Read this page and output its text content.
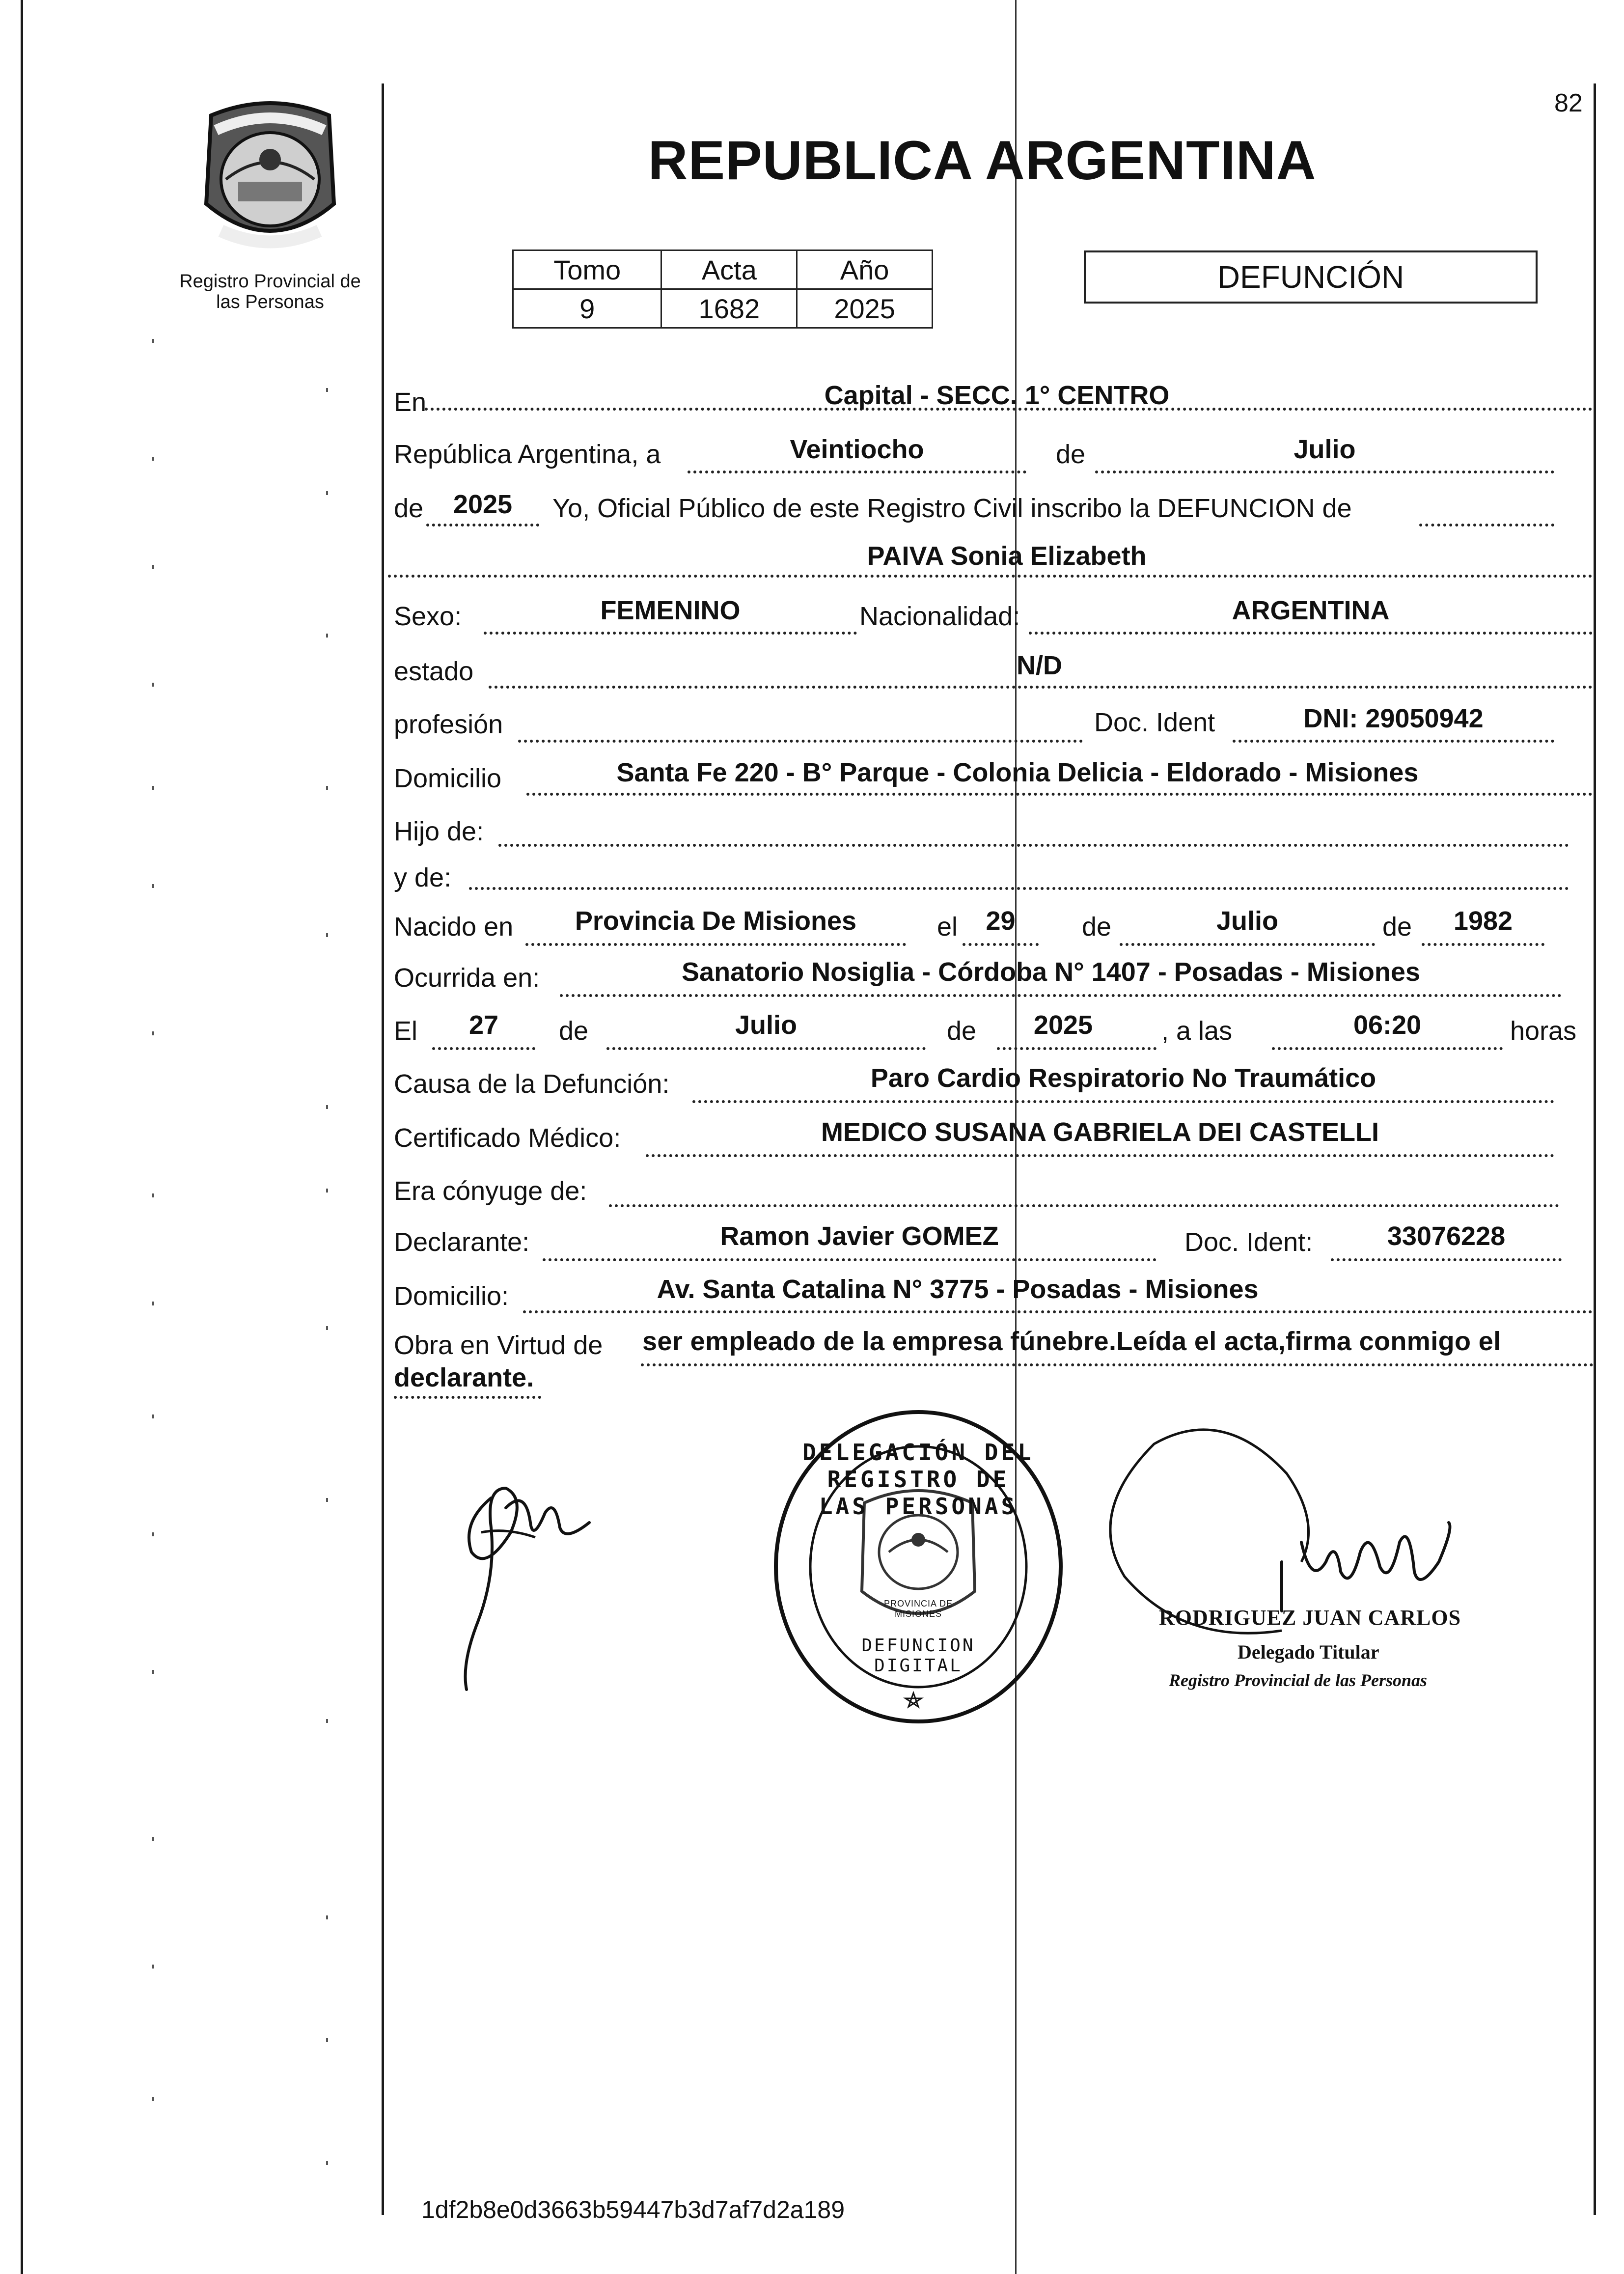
82
Registro Provincial de
las Personas
REPUBLICA ARGENTINA
Tomo	Acta	Año
9	1682	2025
DEFUNCIÓN
En	Capital - SECC. 1° CENTRO
República Argentina, a	Veintiocho	de	Julio
de	2025	Yo, Oficial Público de este Registro Civil inscribo la DEFUNCION de
PAIVA Sonia Elizabeth
Sexo:	FEMENINO	Nacionalidad:	ARGENTINA
estado	N/D
profesión	Doc. Ident	DNI: 29050942
Domicilio	Santa Fe 220 - B° Parque - Colonia Delicia - Eldorado - Misiones
Hijo de:
y de:
Nacido en	Provincia De Misiones	el	29	de	Julio	de	1982
Ocurrida en:	Sanatorio Nosiglia - Córdoba N° 1407 - Posadas - Misiones
El	27	de	Julio	de	2025	, a las	06:20	horas
Causa de la Defunción:	Paro Cardio Respiratorio No Traumático
Certificado Médico:	MEDICO SUSANA GABRIELA DEI CASTELLI
Era cónyuge de:
Declarante:	Ramon Javier GOMEZ	Doc. Ident:	33076228
Domicilio:	Av. Santa Catalina N° 3775 - Posadas - Misiones
Obra en Virtud de ser empleado de la empresa fúnebre.Leída el acta,firma conmigo el
declarante.
DELEGACIÓN DEL REGISTRO DE LAS PERSONAS
DEFUNCION DIGITAL
PROVINCIA DE MISIONES	RODRIGUEZ JUAN CARLOS
Delegado Titular
Registro Provincial de las Personas
1df2b8e0d3663b59447b3d7af7d2a189
